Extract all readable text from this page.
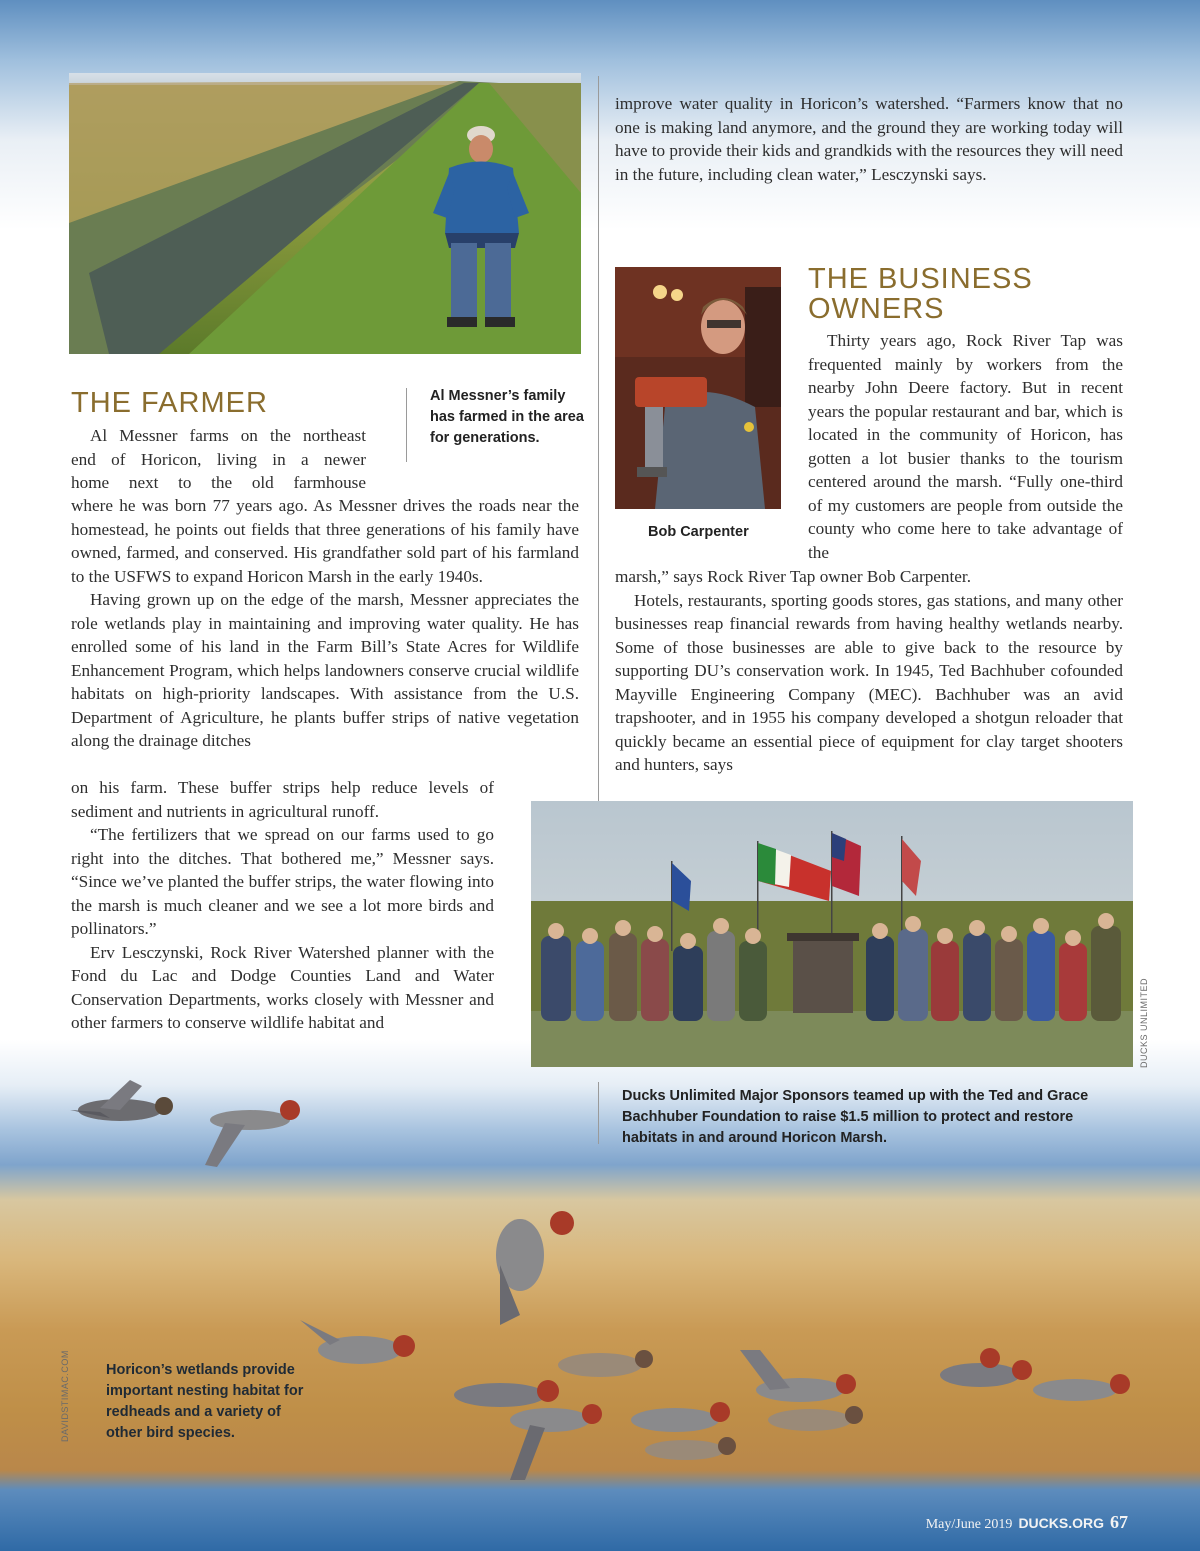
improve water quality in Horicon’s watershed. “Farmers know that no one is making land anymore, and the ground they are working today will have to provide their kids and grandkids with the resources they will need in the future, including clean water,” Lesczynski says.

THE FARMER	Al Messner’s family has farmed in the area for generations.

Al Messner farms on the northeast

end of Horicon, living in a newer

home next to the old farmhouse

where he was born 77 years ago. As Messner drives the roads near the homestead, he points out fields that three generations of his family have owned, farmed, and conserved. His grandfather sold part of his farmland to the USFWS to expand Horicon Marsh in the early 1940s.

Having grown up on the edge of the marsh, Messner appreciates the role wetlands play in maintaining and improving water quality. He has enrolled some of his land in the Farm Bill’s State Acres for Wildlife Enhancement Program, which helps landowners conserve crucial wildlife habitats on high-priority landscapes. With assistance from the U.S. Department of Agriculture, he plants buffer strips of native vegetation along the drainage ditches

on his farm. These buffer strips help reduce levels of sediment and nutrients in agricultural runoff.

“The fertilizers that we spread on our farms used to go right into the ditches. That bothered me,” Messner says. “Since we’ve planted the buffer strips, the water flowing into the marsh is much cleaner and we see a lot more birds and pollinators.”

Erv Lesczynski, Rock River Watershed planner with the Fond du Lac and Dodge Counties Land and Water Conservation Departments, works closely with Messner and other farmers to conserve wildlife habitat and

Bob Carpenter
THE BUSINESS
OWNERS

Thirty years ago, Rock River Tap was frequented mainly by workers from the nearby John Deere factory. But in recent years the popular restaurant and bar, which is located in the community of Horicon, has gotten a lot busier thanks to the tourism centered around the marsh. “Fully one-third of my customers are people from outside the county who come here to take advantage of the

marsh,” says Rock River Tap owner Bob Carpenter.

Hotels, restaurants, sporting goods stores, gas stations, and many other businesses reap financial rewards from having healthy wetlands nearby. Some of those businesses are able to give back to the resource by supporting DU’s conservation work. In 1945, Ted Bachhuber cofounded Mayville Engineering Company (MEC). Bachhuber was an avid trapshooter, and in 1955 his company developed a shotgun reloader that quickly became an essential piece of equipment for clay target shooters and hunters, says

DUCKS UNLIMITED
Ducks Unlimited Major Sponsors teamed up with the Ted and Grace Bachhuber Foundation to raise $1.5 million to protect and restore habitats in and around Horicon Marsh.
DAVIDSTIMAC.COM Horicon’s wetlands provide important nesting habitat for redheads and a variety of other bird species.
May/June 2019 DUCKS.ORG 67
